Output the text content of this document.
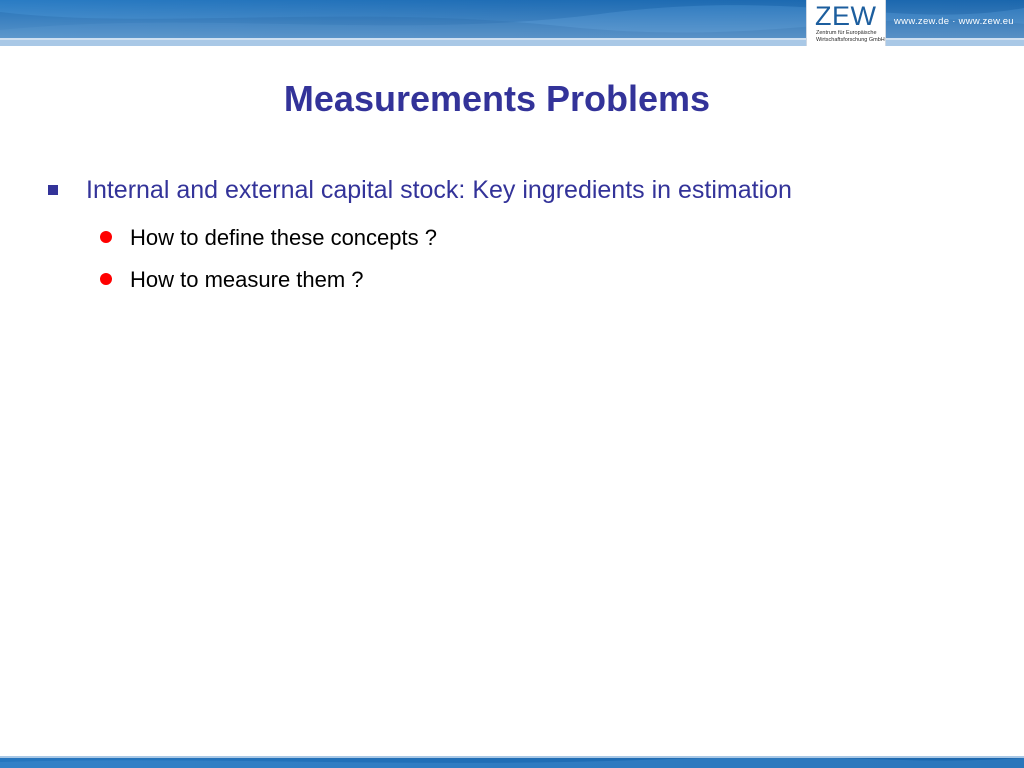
ZEW
Zentrum für Europäische Wirtschaftsforschung GmbH
www.zew.de · www.zew.eu
Measurements Problems
Internal and external capital stock: Key ingredients in estimation
How to define these concepts ?
How to measure them ?
